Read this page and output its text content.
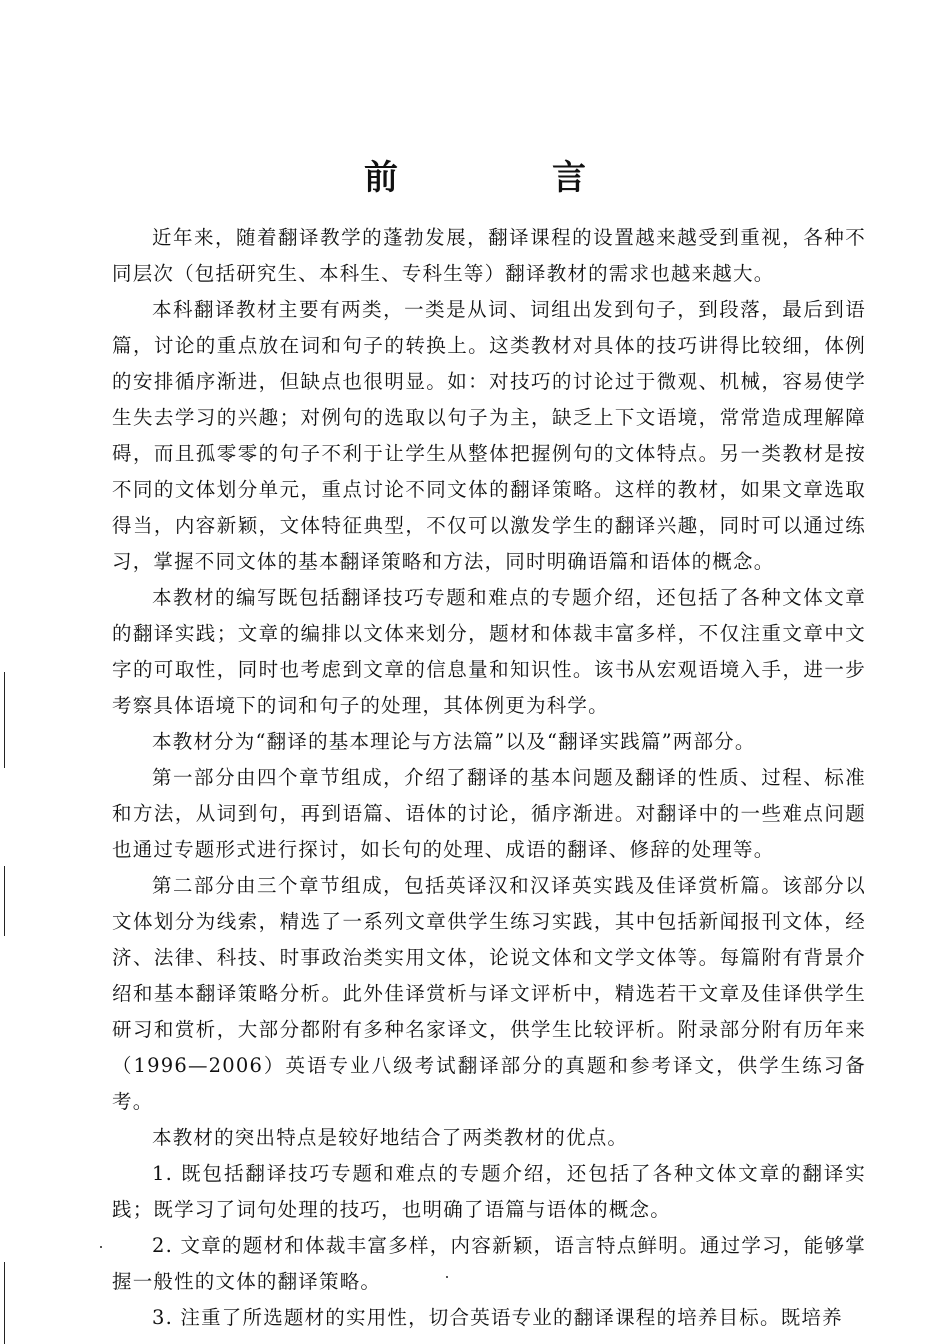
前　言

近年来，随着翻译教学的蓬勃发展，翻译课程的设置越来越受到重视，各种不同层次（包括研究生、本科生、专科生等）翻译教材的需求也越来越大。

本科翻译教材主要有两类，一类是从词、词组出发到句子，到段落，最后到语篇，讨论的重点放在词和句子的转换上。这类教材对具体的技巧讲得比较细，体例的安排循序渐进，但缺点也很明显。如：对技巧的讨论过于微观、机械，容易使学生失去学习的兴趣；对例句的选取以句子为主，缺乏上下文语境，常常造成理解障碍，而且孤零零的句子不利于让学生从整体把握例句的文体特点。另一类教材是按不同的文体划分单元，重点讨论不同文体的翻译策略。这样的教材，如果文章选取得当，内容新颖，文体特征典型，不仅可以激发学生的翻译兴趣，同时可以通过练习，掌握不同文体的基本翻译策略和方法，同时明确语篇和语体的概念。

本教材的编写既包括翻译技巧专题和难点的专题介绍，还包括了各种文体文章的翻译实践；文章的编排以文体来划分，题材和体裁丰富多样，不仅注重文章中文字的可取性，同时也考虑到文章的信息量和知识性。该书从宏观语境入手，进一步考察具体语境下的词和句子的处理，其体例更为科学。

本教材分为“翻译的基本理论与方法篇”以及“翻译实践篇”两部分。

第一部分由四个章节组成，介绍了翻译的基本问题及翻译的性质、过程、标准和方法，从词到句，再到语篇、语体的讨论，循序渐进。对翻译中的一些难点问题也通过专题形式进行探讨，如长句的处理、成语的翻译、修辞的处理等。

第二部分由三个章节组成，包括英译汉和汉译英实践及佳译赏析篇。该部分以文体划分为线索，精选了一系列文章供学生练习实践，其中包括新闻报刊文体，经济、法律、科技、时事政治类实用文体，论说文体和文学文体等。每篇附有背景介绍和基本翻译策略分析。此外佳译赏析与译文评析中，精选若干文章及佳译供学生研习和赏析，大部分都附有多种名家译文，供学生比较评析。附录部分附有历年来（1996—2006）英语专业八级考试翻译部分的真题和参考译文，供学生练习备考。

本教材的突出特点是较好地结合了两类教材的优点。

1. 既包括翻译技巧专题和难点的专题介绍，还包括了各种文体文章的翻译实践；既学习了词句处理的技巧，也明确了语篇与语体的概念。

2. 文章的题材和体裁丰富多样，内容新颖，语言特点鲜明。通过学习，能够掌握一般性的文体的翻译策略。

3. 注重了所选题材的实用性，切合英语专业的翻译课程的培养目标。既培养
